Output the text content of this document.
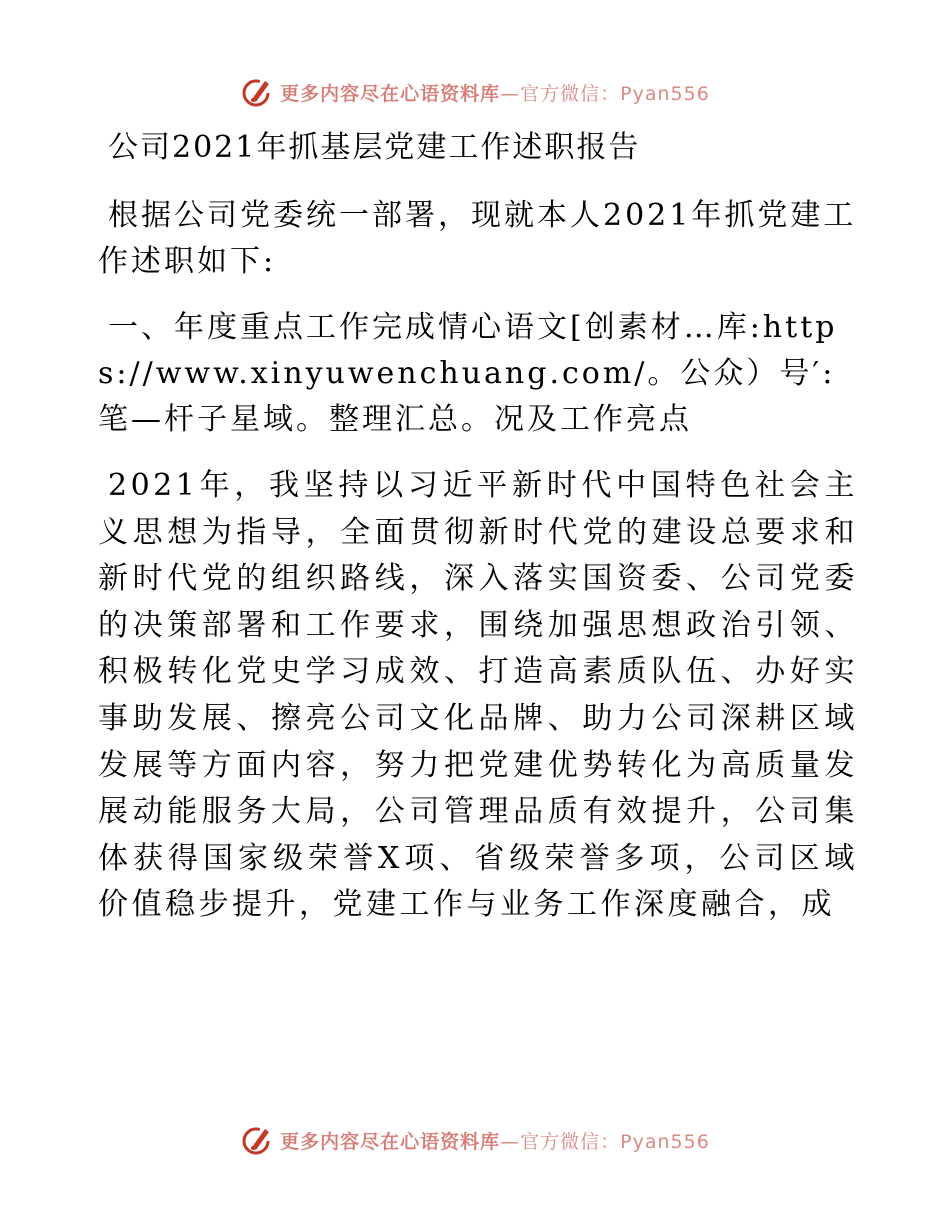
更多内容尽在心语资料库—官方微信：Pyan556
公司2021年抓基层党建工作述职报告

根据公司党委统一部署，现就本人2021年抓党建工作述职如下:

一、年度重点工作完成情心语文[创素材…库:https://www.xinyuwenchuang.com/。公众）号′:笔—杆子星域。整理汇总。况及工作亮点

2021年，我坚持以习近平新时代中国特色社会主义思想为指导，全面贯彻新时代党的建设总要求和新时代党的组织路线，深入落实国资委、公司党委的决策部署和工作要求，围绕加强思想政治引领、积极转化党史学习成效、打造高素质队伍、办好实事助发展、擦亮公司文化品牌、助力公司深耕区域发展等方面内容，努力把党建优势转化为高质量发展动能服务大局，公司管理品质有效提升，公司集体获得国家级荣誉X项、省级荣誉多项，公司区域价值稳步提升，党建工作与业务工作深度融合，成

更多内容尽在心语资料库—官方微信：Pyan556
